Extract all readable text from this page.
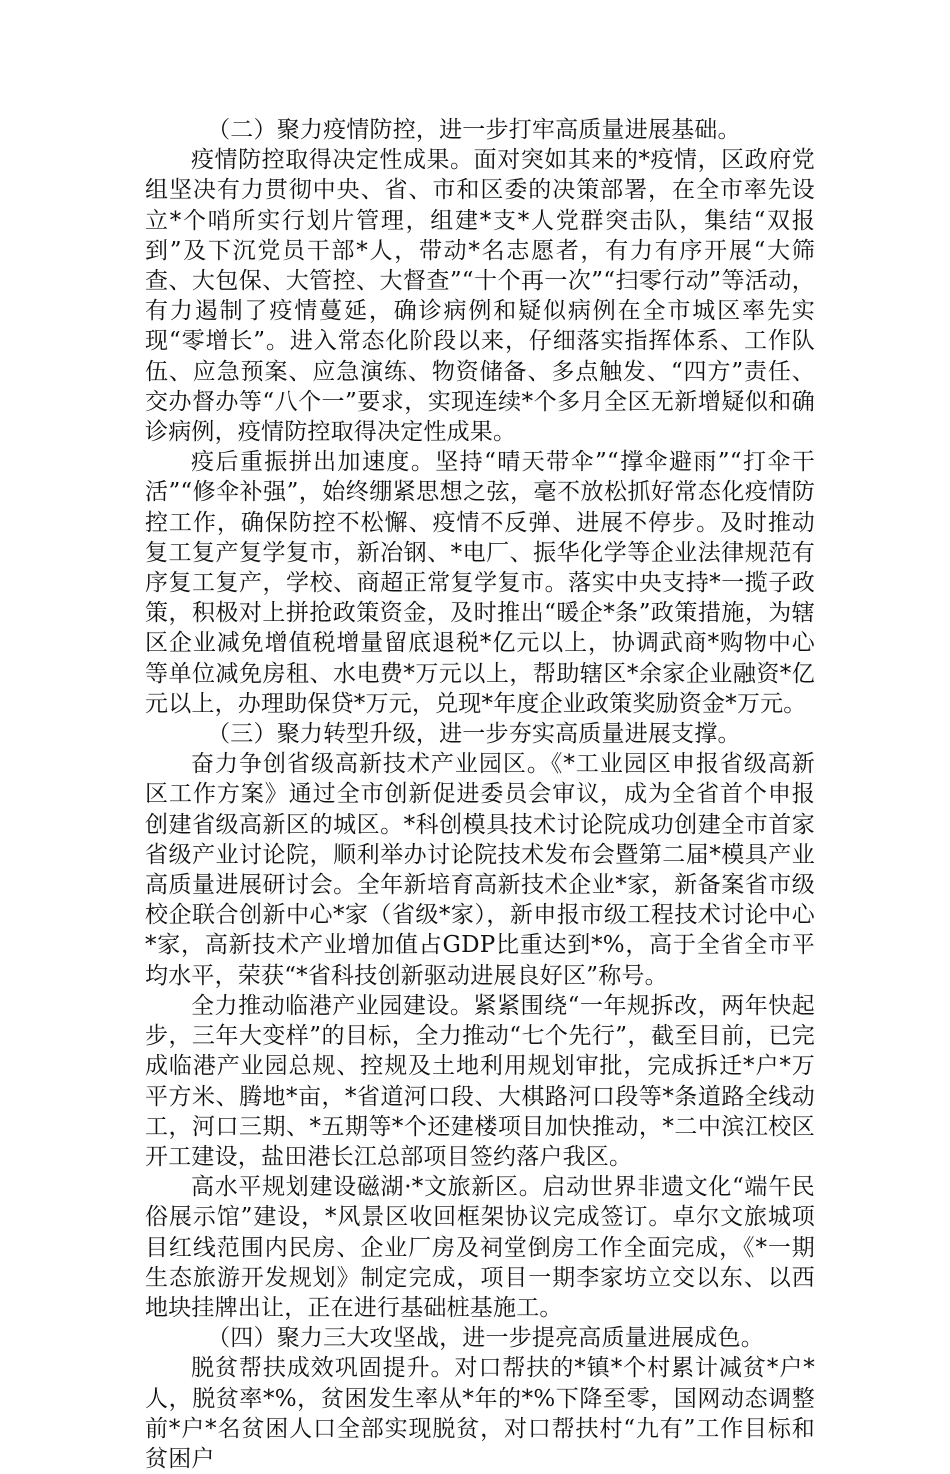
（二）聚力疫情防控，进一步打牢高质量进展基础。

疫情防控取得决定性成果。面对突如其来的*疫情，区政府党组坚决有力贯彻中央、省、市和区委的决策部署，在全市率先设立*个哨所实行划片管理，组建*支*人党群突击队，集结“双报到”及下沉党员干部*人，带动*名志愿者，有力有序开展“大筛查、大包保、大管控、大督查”“十个再一次”“扫零行动”等活动，有力遏制了疫情蔓延，确诊病例和疑似病例在全市城区率先实现“零增长”。进入常态化阶段以来，仔细落实指挥体系、工作队伍、应急预案、应急演练、物资储备、多点触发、“四方”责任、交办督办等“八个一”要求，实现连续*个多月全区无新增疑似和确诊病例，疫情防控取得决定性成果。

疫后重振拼出加速度。坚持“晴天带伞”“撑伞避雨”“打伞干活”“修伞补强”，始终绷紧思想之弦，毫不放松抓好常态化疫情防控工作，确保防控不松懈、疫情不反弹、进展不停步。及时推动复工复产复学复市，新冶钢、*电厂、振华化学等企业法律规范有序复工复产，学校、商超正常复学复市。落实中央支持*一揽子政策，积极对上拼抢政策资金，及时推出“暖企*条”政策措施，为辖区企业减免增值税增量留底退税*亿元以上，协调武商*购物中心等单位减免房租、水电费*万元以上，帮助辖区*余家企业融资*亿元以上，办理助保贷*万元，兑现*年度企业政策奖励资金*万元。

（三）聚力转型升级，进一步夯实高质量进展支撑。

奋力争创省级高新技术产业园区。《*工业园区申报省级高新区工作方案》通过全市创新促进委员会审议，成为全省首个申报创建省级高新区的城区。*科创模具技术讨论院成功创建全市首家省级产业讨论院，顺利举办讨论院技术发布会暨第二届*模具产业高质量进展研讨会。全年新培育高新技术企业*家，新备案省市级校企联合创新中心*家（省级*家），新申报市级工程技术讨论中心*家，高新技术产业增加值占GDP比重达到*%，高于全省全市平均水平，荣获“*省科技创新驱动进展良好区”称号。

全力推动临港产业园建设。紧紧围绕“一年规拆改，两年快起步，三年大变样”的目标，全力推动“七个先行”，截至目前，已完成临港产业园总规、控规及土地利用规划审批，完成拆迁*户*万平方米、腾地*亩，*省道河口段、大棋路河口段等*条道路全线动工，河口三期、*五期等*个还建楼项目加快推动，*二中滨江校区开工建设，盐田港长江总部项目签约落户我区。

高水平规划建设磁湖·*文旅新区。启动世界非遗文化“端午民俗展示馆”建设，*风景区收回框架协议完成签订。卓尔文旅城项目红线范围内民房、企业厂房及祠堂倒房工作全面完成，《*一期生态旅游开发规划》制定完成，项目一期李家坊立交以东、以西地块挂牌出让，正在进行基础桩基施工。

（四）聚力三大攻坚战，进一步提亮高质量进展成色。

脱贫帮扶成效巩固提升。对口帮扶的*镇*个村累计减贫*户*人，脱贫率*%，贫困发生率从*年的*%下降至零，国网动态调整前*户*名贫困人口全部实现脱贫，对口帮扶村“九有”工作目标和贫困户
